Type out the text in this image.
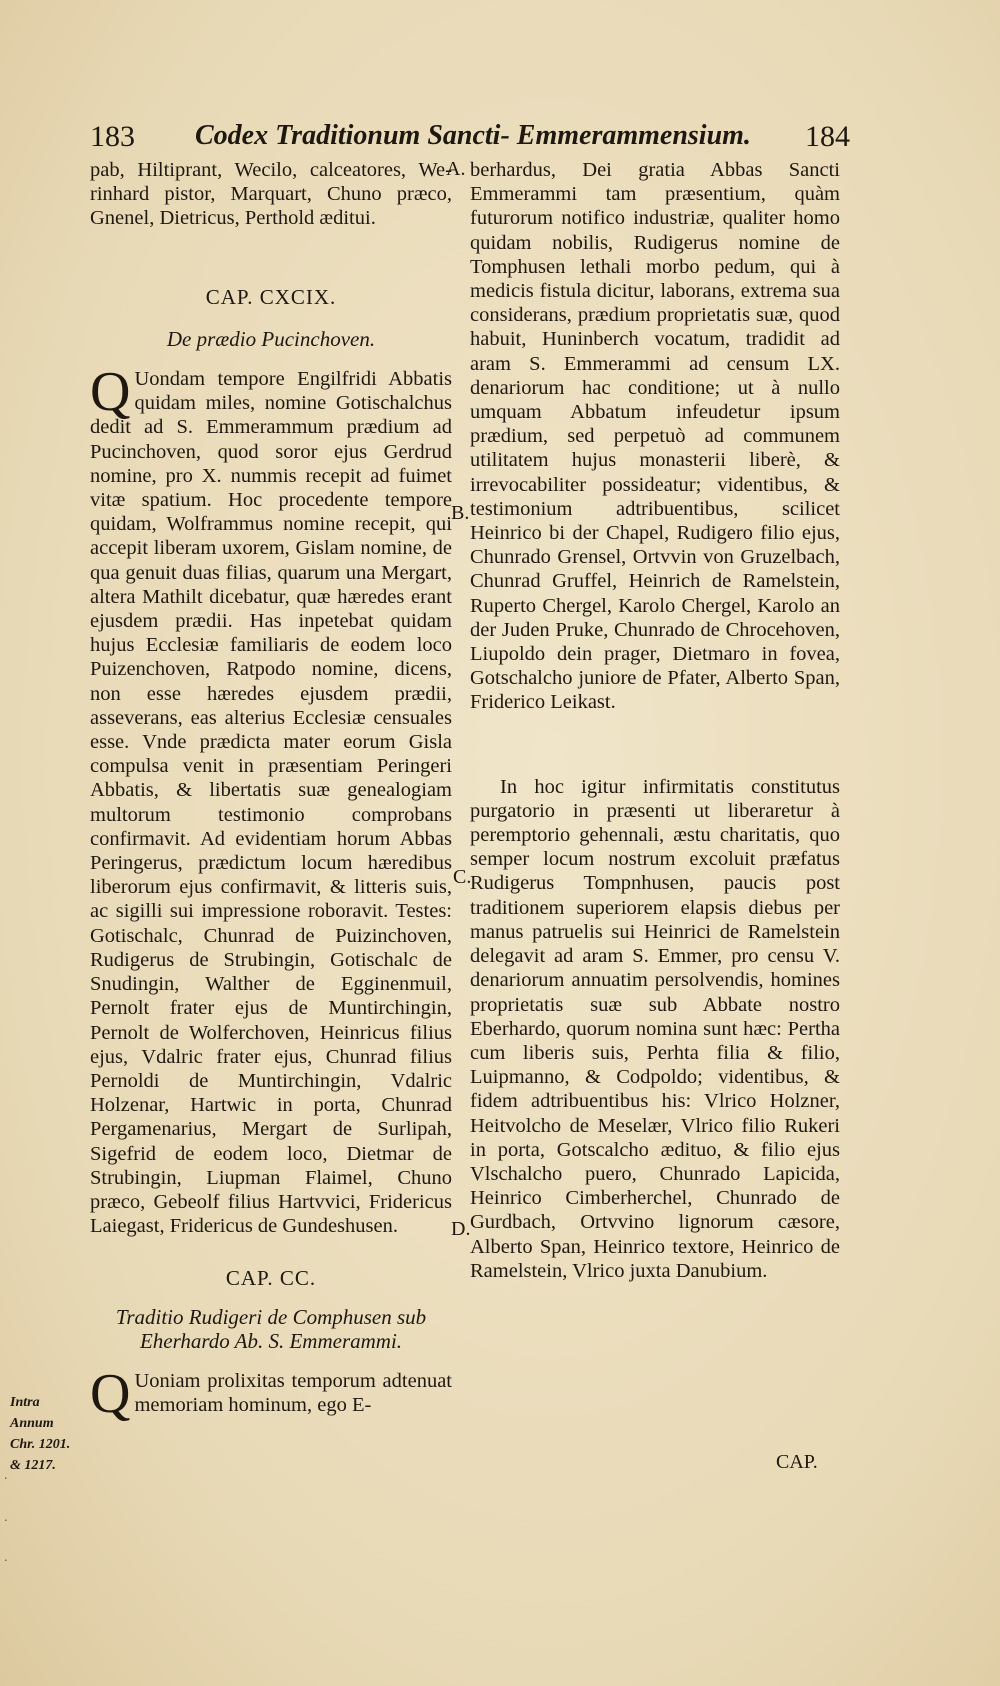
183 Codex Traditionum Sancti- Emmerammensium. 184

pab, Hiltiprant, Wecilo, calceatores, We-rinhard pistor, Marquart, Chuno præco, Gnenel, Dietricus, Perthold æditui.

CAP. CXCIX.

De prædio Pucinchoven.

Q Uondam tempore Engilfridi Abbatis quidam miles, nomine Gotischalchus dedit ad S. Emmerammum prædium ad Pucinchoven, quod soror ejus Gerdrud nomine, pro X. nummis recepit ad fuimet vitæ spatium. Hoc procedente tempore quidam, Wolframmus nomine recepit, qui accepit liberam uxorem, Gislam nomine, de qua genuit duas filias, quarum una Mergart, altera Mathilt dicebatur, quæ hæredes erant ejusdem prædii. Has inpetebat quidam hujus Ecclesiæ familiaris de eodem loco Puizenchoven, Ratpodo nomine, dicens, non esse hæredes ejusdem prædii, asseverans, eas alterius Ecclesiæ censuales esse. Vnde prædicta mater eorum Gisla compulsa venit in præsentiam Peringeri Abbatis, & libertatis suæ genealogiam multorum testimonio comprobans confirmavit. Ad evidentiam horum Abbas Peringerus, prædictum locum hæredibus liberorum ejus confirmavit, & litteris suis, ac sigilli sui impressione roboravit. Testes: Gotischalc, Chunrad de Puizinchoven, Rudigerus de Strubingin, Gotischalc de Snudingin, Walther de Egginenmuil, Pernolt frater ejus de Muntirchingin, Pernolt de Wolferchoven, Heinricus filius ejus, Vdalric frater ejus, Chunrad filius Pernoldi de Muntirchingin, Vdalric Holzenar, Hartwic in porta, Chunrad Pergamenarius, Mergart de Surlipah, Sigefrid de eodem loco, Dietmar de Strubingin, Liupman Flaimel, Chuno præco, Gebeolf filius Hartvvici, Fridericus Laiegast, Fridericus de Gundeshusen.

CAP. CC.

Traditio Rudigeri de Comphusen sub Eherhardo Ab. S. Emmerammi.

Q Uoniam prolixitas temporum adtenuat memoriam hominum, ego E-

berhardus, Dei gratia Abbas Sancti Emmerammi tam præsentium, quàm futurorum notifico industriæ, qualiter homo quidam nobilis, Rudigerus nomine de Tomphusen lethali morbo pedum, qui à medicis fistula dicitur, laborans, extrema sua considerans, prædium proprietatis suæ, quod habuit, Huninberch vocatum, tradidit ad aram S. Emmerammi ad censum LX. denariorum hac conditione; ut à nullo umquam Abbatum infeudetur ipsum prædium, sed perpetuò ad communem utilitatem hujus monasterii liberè, & irrevocabiliter possideatur; videntibus, & testimonium adtribuentibus, scilicet Heinrico bi der Chapel, Rudigero filio ejus, Chunrado Grensel, Ortvvin von Gruzelbach, Chunrad Gruffel, Heinrich de Ramelstein, Ruperto Chergel, Karolo Chergel, Karolo an der Juden Pruke, Chunrado de Chrocehoven, Liupoldo dein prager, Dietmaro in fovea, Gotschalcho juniore de Pfater, Alberto Span, Friderico Leikast.

In hoc igitur infirmitatis constitutus purgatorio in præsenti ut liberaretur à peremptorio gehennali, æstu charitatis, quo semper locum nostrum excoluit præfatus Rudigerus Tompnhusen, paucis post traditionem superiorem elapsis diebus per manus patruelis sui Heinrici de Ramelstein delegavit ad aram S. Emmer, pro censu V. denariorum annuatim persolvendis, homines proprietatis suæ sub Abbate nostro Eberhardo, quorum nomina sunt hæc: Pertha cum liberis suis, Perhta filia & filio, Luipmanno, & Codpoldo; videntibus, & fidem adtribuentibus his: Vlrico Holzner, Heitvolcho de Meselær, Vlrico filio Rukeri in porta, Gotscalcho ædituo, & filio ejus Vlschalcho puero, Chunrado Lapicida, Heinrico Cimberherchel, Chunrado de Gurdbach, Ortvvino lignorum cæsore, Alberto Span, Heinrico textore, Heinrico de Ramelstein, Vlrico juxta Danubium.

A.
B.
C.
D.
Intra Annum Chr. 1201. & 1217.	CAP.
.
.
.
